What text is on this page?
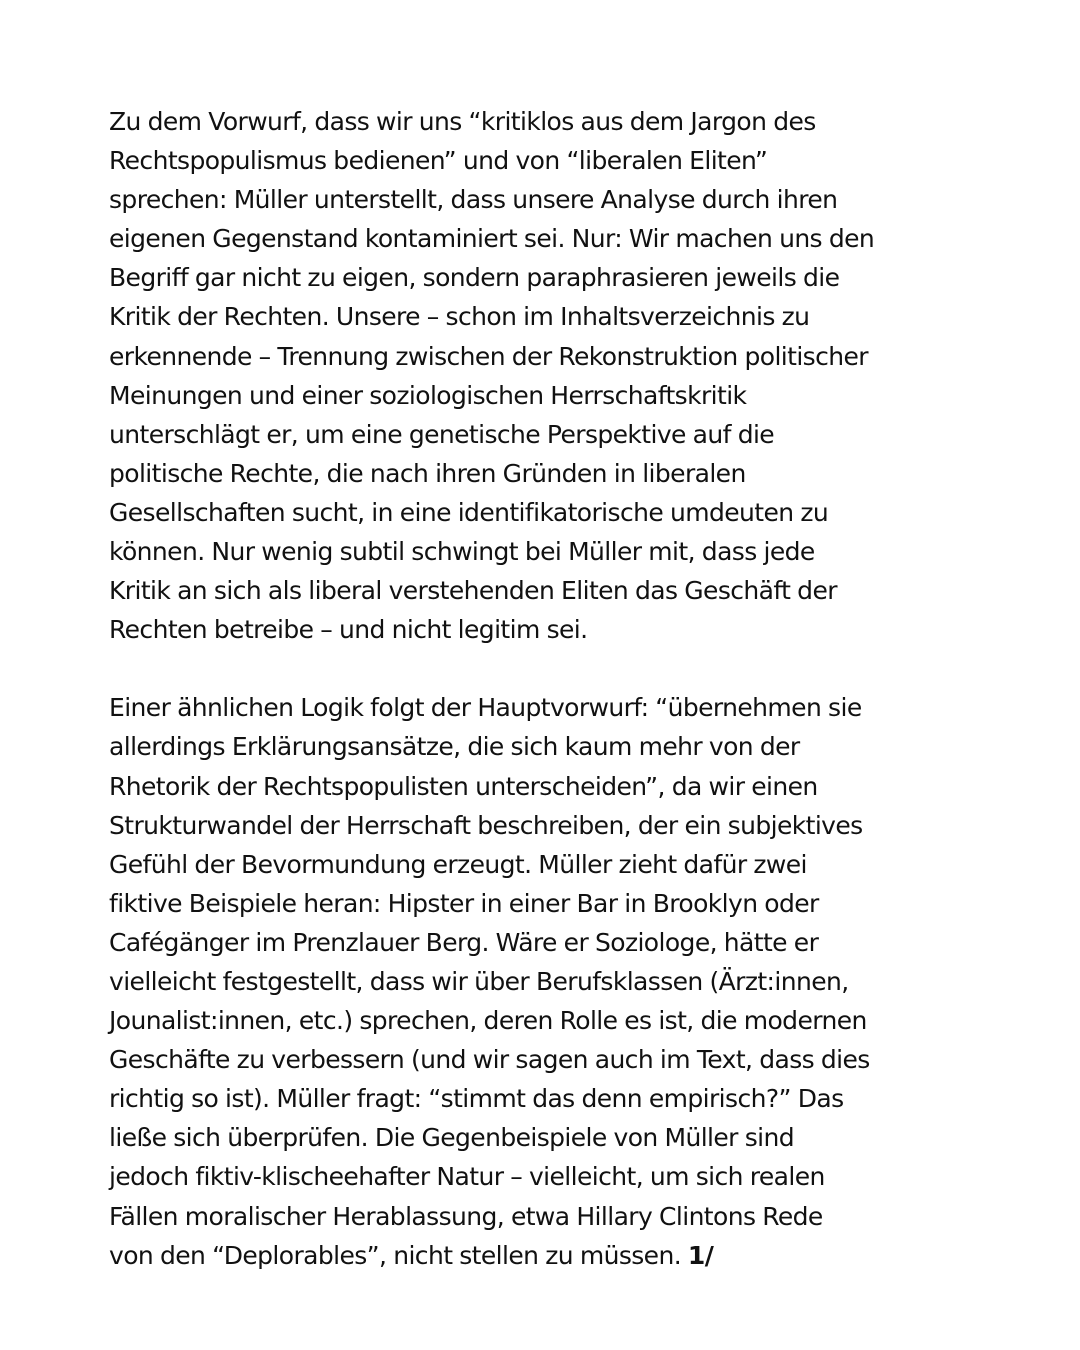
Zu dem Vorwurf, dass wir uns “kritiklos aus dem Jargon des
Rechtspopulismus bedienen” und von “liberalen Eliten”
sprechen: Müller unterstellt, dass unsere Analyse durch ihren
eigenen Gegenstand kontaminiert sei. Nur: Wir machen uns den
Begriff gar nicht zu eigen, sondern paraphrasieren jeweils die
Kritik der Rechten. Unsere – schon im Inhaltsverzeichnis zu
erkennende – Trennung zwischen der Rekonstruktion politischer
Meinungen und einer soziologischen Herrschaftskritik
unterschlägt er, um eine genetische Perspektive auf die
politische Rechte, die nach ihren Gründen in liberalen
Gesellschaften sucht, in eine identifikatorische umdeuten zu
können. Nur wenig subtil schwingt bei Müller mit, dass jede
Kritik an sich als liberal verstehenden Eliten das Geschäft der
Rechten betreibe – und nicht legitim sei.
Einer ähnlichen Logik folgt der Hauptvorwurf: “übernehmen sie
allerdings Erklärungsansätze, die sich kaum mehr von der
Rhetorik der Rechtspopulisten unterscheiden”, da wir einen
Strukturwandel der Herrschaft beschreiben, der ein subjektives
Gefühl der Bevormundung erzeugt. Müller zieht dafür zwei
fiktive Beispiele heran: Hipster in einer Bar in Brooklyn oder
Cafégänger im Prenzlauer Berg. Wäre er Soziologe, hätte er
vielleicht festgestellt, dass wir über Berufsklassen (Ärzt:innen,
Jounalist:innen, etc.) sprechen, deren Rolle es ist, die modernen
Geschäfte zu verbessern (und wir sagen auch im Text, dass dies
richtig so ist). Müller fragt: “stimmt das denn empirisch?” Das
ließe sich überprüfen. Die Gegenbeispiele von Müller sind
jedoch fiktiv-klischeehafter Natur – vielleicht, um sich realen
Fällen moralischer Herablassung, etwa Hillary Clintons Rede
von den “Deplorables”, nicht stellen zu müssen. 1/
